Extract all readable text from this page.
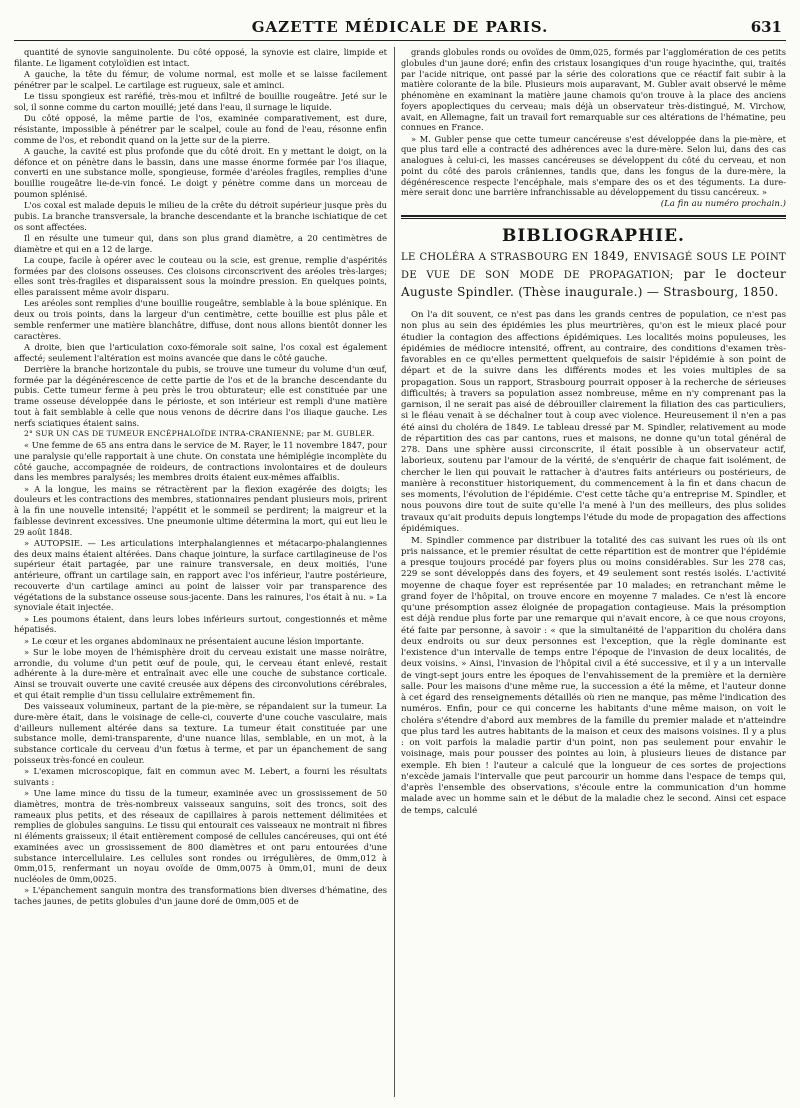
GAZETTE MÉDICALE DE PARIS.	631

quantité de synovie sanguinolente. Du côté opposé, la synovie est claire, limpide et filante. Le ligament cotyloïdien est intact.

A gauche, la tête du fémur, de volume normal, est molle et se laisse facilement pénétrer par le scalpel. Le cartilage est rugueux, sale et aminci.

Le tissu spongieux est raréfié, très-mou et infiltré de bouillie rougeâtre. Jeté sur le sol, il sonne comme du carton mouillé; jeté dans l'eau, il surnage le liquide.

Du côté opposé, la même partie de l'os, examinée comparativement, est dure, résistante, impossible à pénétrer par le scalpel, coule au fond de l'eau, résonne enfin comme de l'os, et rebondit quand on la jette sur de la pierre.

A gauche, la cavité est plus profonde que du côté droit. En y mettant le doigt, on la défonce et on pénètre dans le bassin, dans une masse énorme formée par l'os iliaque, converti en une substance molle, spongieuse, formée d'aréoles fragiles, remplies d'une bouillie rougeâtre lie-de-vin foncé. Le doigt y pénètre comme dans un morceau de poumon splénisé.

L'os coxal est malade depuis le milieu de la crête du détroit supérieur jusque près du pubis. La branche transversale, la branche descendante et la branche ischiatique de cet os sont affectées.

Il en résulte une tumeur qui, dans son plus grand diamètre, a 20 centimètres de diamètre et qui en a 12 de large.

La coupe, facile à opérer avec le couteau ou la scie, est grenue, remplie d'aspérités formées par des cloisons osseuses. Ces cloisons circonscrivent des aréoles très-larges; elles sont très-fragiles et disparaissent sous la moindre pression. En quelques points, elles paraissent même avoir disparu.

Les aréoles sont remplies d'une bouillie rougeâtre, semblable à la boue splénique. En deux ou trois points, dans la largeur d'un centimètre, cette bouillie est plus pâle et semble renfermer une matière blanchâtre, diffuse, dont nous allons bientôt donner les caractères.

A droite, bien que l'articulation coxo-fémorale soit saine, l'os coxal est également affecté; seulement l'altération est moins avancée que dans le côté gauche.

Derrière la branche horizontale du pubis, se trouve une tumeur du volume d'un œuf, formée par la dégénérescence de cette partie de l'os et de la branche descendante du pubis. Cette tumeur ferme à peu près le trou obturateur; elle est constituée par une trame osseuse développée dans le périoste, et son intérieur est rempli d'une matière tout à fait semblable à celle que nous venons de décrire dans l'os iliaque gauche. Les nerfs sciatiques étaient sains.

2° SUR UN CAS DE TUMEUR ENCÉPHALOÏDE INTRA-CRANIENNE; par M. GUBLER.

« Une femme de 65 ans entra dans le service de M. Rayer, le 11 novembre 1847, pour une paralysie qu'elle rapportait à une chute. On constata une hémiplégie incomplète du côté gauche, accompagnée de roideurs, de contractions involontaires et de douleurs dans les membres paralysés; les membres droits étaient eux-mêmes affaiblis.

» A la longue, les mains se rétractèrent par la flexion exagérée des doigts; les douleurs et les contractions des membres, stationnaires pendant plusieurs mois, prirent à la fin une nouvelle intensité; l'appétit et le sommeil se perdirent; la maigreur et la faiblesse devinrent excessives. Une pneumonie ultime détermina la mort, qui eut lieu le 29 août 1848.

» AUTOPSIE. — Les articulations interphalangiennes et métacarpo-phalangiennes des deux mains étaient altérées. Dans chaque jointure, la surface cartilagineuse de l'os supérieur était partagée, par une rainure transversale, en deux moitiés, l'une antérieure, offrant un cartilage sain, en rapport avec l'os inférieur, l'autre postérieure, recouverte d'un cartilage aminci au point de laisser voir par transparence des végétations de la substance osseuse sous-jacente. Dans les rainures, l'os était à nu. » La synoviale était injectée.

» Les poumons étaient, dans leurs lobes inférieurs surtout, congestionnés et même hépatisés.

» Le cœur et les organes abdominaux ne présentaient aucune lésion importante.

» Sur le lobe moyen de l'hémisphère droit du cerveau existait une masse noirâtre, arrondie, du volume d'un petit œuf de poule, qui, le cerveau étant enlevé, restait adhérente à la dure-mère et entraînait avec elle une couche de substance corticale. Ainsi se trouvait ouverte une cavité creusée aux dépens des circonvolutions cérébrales, et qui était remplie d'un tissu cellulaire extrêmement fin.

Des vaisseaux volumineux, partant de la pie-mère, se répandaient sur la tumeur. La dure-mère était, dans le voisinage de celle-ci, couverte d'une couche vasculaire, mais d'ailleurs nullement altérée dans sa texture. La tumeur était constituée par une substance molle, demi-transparente, d'une nuance lilas, semblable, en un mot, à la substance corticale du cerveau d'un fœtus à terme, et par un épanchement de sang poisseux très-foncé en couleur.

» L'examen microscopique, fait en commun avec M. Lebert, a fourni les résultats suivants :

» Une lame mince du tissu de la tumeur, examinée avec un grossissement de 50 diamètres, montra de très-nombreux vaisseaux sanguins, soit des troncs, soit des rameaux plus petits, et des réseaux de capillaires à parois nettement délimitées et remplies de globules sanguins. Le tissu qui entourait ces vaisseaux ne montrait ni fibres ni éléments graisseux; il était entièrement composé de cellules cancéreuses, qui ont été examinées avec un grossissement de 800 diamètres et ont paru entourées d'une substance intercellulaire. Les cellules sont rondes ou irrégulières, de 0mm,012 à 0mm,015, renfermant un noyau ovoïde de 0mm,0075 à 0mm,01, muni de deux nucléoles de 0mm,0025.

» L'épanchement sanguin montra des transformations bien diverses d'hématine, des taches jaunes, de petits globules d'un jaune doré de 0mm,005 et de

grands globules ronds ou ovoïdes de 0mm,025, formés par l'agglomération de ces petits globules d'un jaune doré; enfin des cristaux losangiques d'un rouge hyacinthe, qui, traités par l'acide nitrique, ont passé par la série des colorations que ce réactif fait subir à la matière colorante de la bile. Plusieurs mois auparavant, M. Gubler avait observé le même phénomène en examinant la matière jaune chamois qu'on trouve à la place des anciens foyers apoplectiques du cerveau; mais déjà un observateur très-distingué, M. Virchow, avait, en Allemagne, fait un travail fort remarquable sur ces altérations de l'hématine, peu connues en France.

» M. Gubler pense que cette tumeur cancéreuse s'est développée dans la pie-mère, et que plus tard elle a contracté des adhérences avec la dure-mère. Selon lui, dans des cas analogues à celui-ci, les masses cancéreuses se développent du côté du cerveau, et non point du côté des parois crâniennes, tandis que, dans les fongus de la dure-mère, la dégénérescence respecte l'encéphale, mais s'empare des os et des téguments. La dure-mère serait donc une barrière infranchissable au développement du tissu cancéreux. »

(La fin au numéro prochain.)

BIBLIOGRAPHIE.
LE CHOLÉRA A STRASBOURG EN 1849, ENVISAGÉ SOUS LE POINT DE VUE DE SON MODE DE PROPAGATION; par le docteur Auguste Spindler. (Thèse inaugurale.) — Strasbourg, 1850.

On l'a dit souvent, ce n'est pas dans les grands centres de population, ce n'est pas non plus au sein des épidémies les plus meurtrières, qu'on est le mieux placé pour étudier la contagion des affections épidémiques. Les localités moins populeuses, les épidémies de médiocre intensité, offrent, au contraire, des conditions d'examen très-favorables en ce qu'elles permettent quelquefois de saisir l'épidémie à son point de départ et de la suivre dans les différents modes et les voies multiples de sa propagation. Sous un rapport, Strasbourg pourrait opposer à la recherche de sérieuses difficultés; à travers sa population assez nombreuse, même en n'y comprenant pas la garnison, il ne serait pas aisé de débrouiller clairement la filiation des cas particuliers, si le fléau venait à se déchaîner tout à coup avec violence. Heureusement il n'en a pas été ainsi du choléra de 1849. Le tableau dressé par M. Spindler, relativement au mode de répartition des cas par cantons, rues et maisons, ne donne qu'un total général de 278. Dans une sphère aussi circonscrite, il était possible à un observateur actif, laborieux, soutenu par l'amour de la vérité, de s'enquérir de chaque fait isolément, de chercher le lien qui pouvait le rattacher à d'autres faits antérieurs ou postérieurs, de manière à reconstituer historiquement, du commencement à la fin et dans chacun de ses moments, l'évolution de l'épidémie. C'est cette tâche qu'a entreprise M. Spindler, et nous pouvons dire tout de suite qu'elle l'a mené à l'un des meilleurs, des plus solides travaux qu'ait produits depuis longtemps l'étude du mode de propagation des affections épidémiques.

M. Spindler commence par distribuer la totalité des cas suivant les rues où ils ont pris naissance, et le premier résultat de cette répartition est de montrer que l'épidémie a presque toujours procédé par foyers plus ou moins considérables. Sur les 278 cas, 229 se sont développés dans des foyers, et 49 seulement sont restés isolés. L'activité moyenne de chaque foyer est représentée par 10 malades; en retranchant même le grand foyer de l'hôpital, on trouve encore en moyenne 7 malades. Ce n'est là encore qu'une présomption assez éloignée de propagation contagieuse. Mais la présomption est déjà rendue plus forte par une remarque qui n'avait encore, à ce que nous croyons, été faite par personne, à savoir : « que la simultanéité de l'apparition du choléra dans deux endroits ou sur deux personnes est l'exception, que la règle dominante est l'existence d'un intervalle de temps entre l'époque de l'invasion de deux localités, de deux voisins. » Ainsi, l'invasion de l'hôpital civil a été successive, et il y a un intervalle de vingt-sept jours entre les époques de l'envahissement de la première et la dernière salle. Pour les maisons d'une même rue, la succession a été la même, et l'auteur donne à cet égard des renseignements détaillés où rien ne manque, pas même l'indication des numéros. Enfin, pour ce qui concerne les habitants d'une même maison, on voit le choléra s'étendre d'abord aux membres de la famille du premier malade et n'atteindre que plus tard les autres habitants de la maison et ceux des maisons voisines. Il y a plus : on voit parfois la maladie partir d'un point, non pas seulement pour envahir le voisinage, mais pour pousser des pointes au loin, à plusieurs lieues de distance par exemple. Eh bien ! l'auteur a calculé que la longueur de ces sortes de projections n'excède jamais l'intervalle que peut parcourir un homme dans l'espace de temps qui, d'après l'ensemble des observations, s'écoule entre la communication d'un homme malade avec un homme sain et le début de la maladie chez le second. Ainsi cet espace de temps, calculé
